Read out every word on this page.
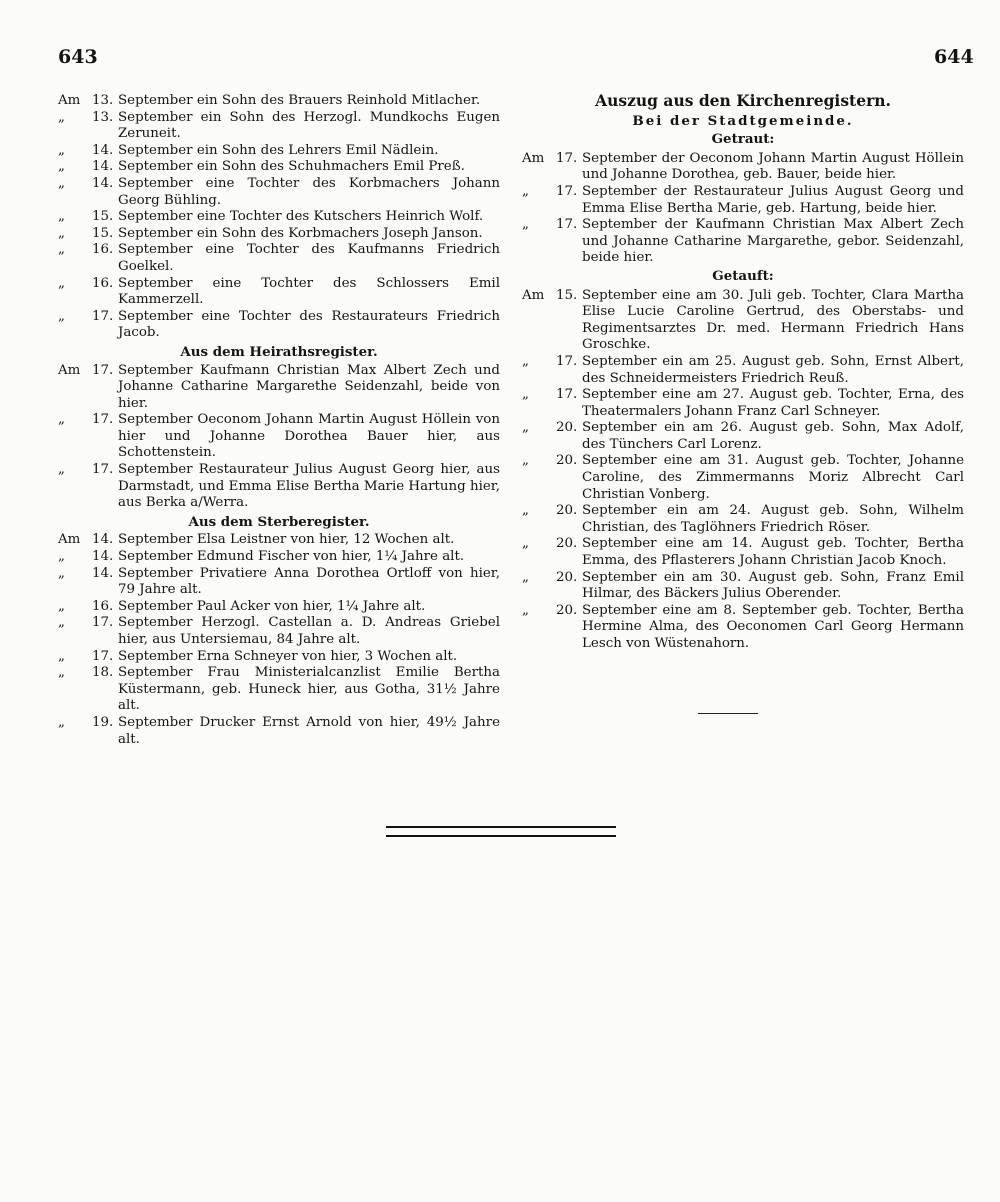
643	644
Am 13. September ein Sohn des Brauers Reinhold Mitlacher.
„	13. September ein Sohn des Herzogl. Mundkochs Eugen Zeruneit.
„	14. September ein Sohn des Lehrers Emil Nädlein.
„	14. September ein Sohn des Schuhmachers Emil Preß.
„	14. September eine Tochter des Korbmachers Johann Georg Bühling.
„	15. September eine Tochter des Kutschers Heinrich Wolf.
„	15. September ein Sohn des Korbmachers Joseph Janson.
„	16. September eine Tochter des Kaufmanns Friedrich Goelkel.
„	16. September eine Tochter des Schlossers Emil Kammerzell.
„	17. September eine Tochter des Restaurateurs Friedrich Jacob.
Aus dem Heirathsregister.
Am 17. September Kaufmann Christian Max Albert Zech und Johanne Catharine Margarethe Seidenzahl, beide von hier.
„	17. September Oeconom Johann Martin August Höllein von hier und Johanne Dorothea Bauer hier, aus Schottenstein.
„	17. September Restaurateur Julius August Georg hier, aus Darmstadt, und Emma Elise Bertha Marie Hartung hier, aus Berka a/Werra.
Aus dem Sterberegister.
Am 14. September Elsa Leistner von hier, 12 Wochen alt.
„	14. September Edmund Fischer von hier, 1¼ Jahre alt.
„	14. September Privatiere Anna Dorothea Ortloff von hier, 79 Jahre alt.
„	16. September Paul Acker von hier, 1¼ Jahre alt.
„	17. September Herzogl. Castellan a. D. Andreas Griebel hier, aus Untersiemau, 84 Jahre alt.
„	17. September Erna Schneyer von hier, 3 Wochen alt.
„	18. September Frau Ministerialcanzlist Emilie Bertha Küstermann, geb. Huneck hier, aus Gotha, 31½ Jahre alt.
„	19. September Drucker Ernst Arnold von hier, 49½ Jahre alt.
Auszug aus den Kirchenregistern.
Bei der Stadtgemeinde.
Getraut:
Am 17. September der Oeconom Johann Martin August Höllein und Johanne Dorothea, geb. Bauer, beide hier.
„	17. September der Restaurateur Julius August Georg und Emma Elise Bertha Marie, geb. Hartung, beide hier.
„	17. September der Kaufmann Christian Max Albert Zech und Johanne Catharine Margarethe, gebor. Seidenzahl, beide hier.
Getauft:
Am 15. September eine am 30. Juli geb. Tochter, Clara Martha Elise Lucie Caroline Gertrud, des Oberstabs- und Regimentsarztes Dr. med. Hermann Friedrich Hans Groschke.
„	17. September ein am 25. August geb. Sohn, Ernst Albert, des Schneidermeisters Friedrich Reuß.
„	17. September eine am 27. August geb. Tochter, Erna, des Theatermalers Johann Franz Carl Schneyer.
„	20. September ein am 26. August geb. Sohn, Max Adolf, des Tünchers Carl Lorenz.
„	20. September eine am 31. August geb. Tochter, Johanne Caroline, des Zimmermanns Moriz Albrecht Carl Christian Vonberg.
„	20. September ein am 24. August geb. Sohn, Wilhelm Christian, des Taglöhners Friedrich Röser.
„	20. September eine am 14. August geb. Tochter, Bertha Emma, des Pflasterers Johann Christian Jacob Knoch.
„	20. September ein am 30. August geb. Sohn, Franz Emil Hilmar, des Bäckers Julius Oberender.
„	20. September eine am 8. September geb. Tochter, Bertha Hermine Alma, des Oeconomen Carl Georg Hermann Lesch von Wüstenahorn.
